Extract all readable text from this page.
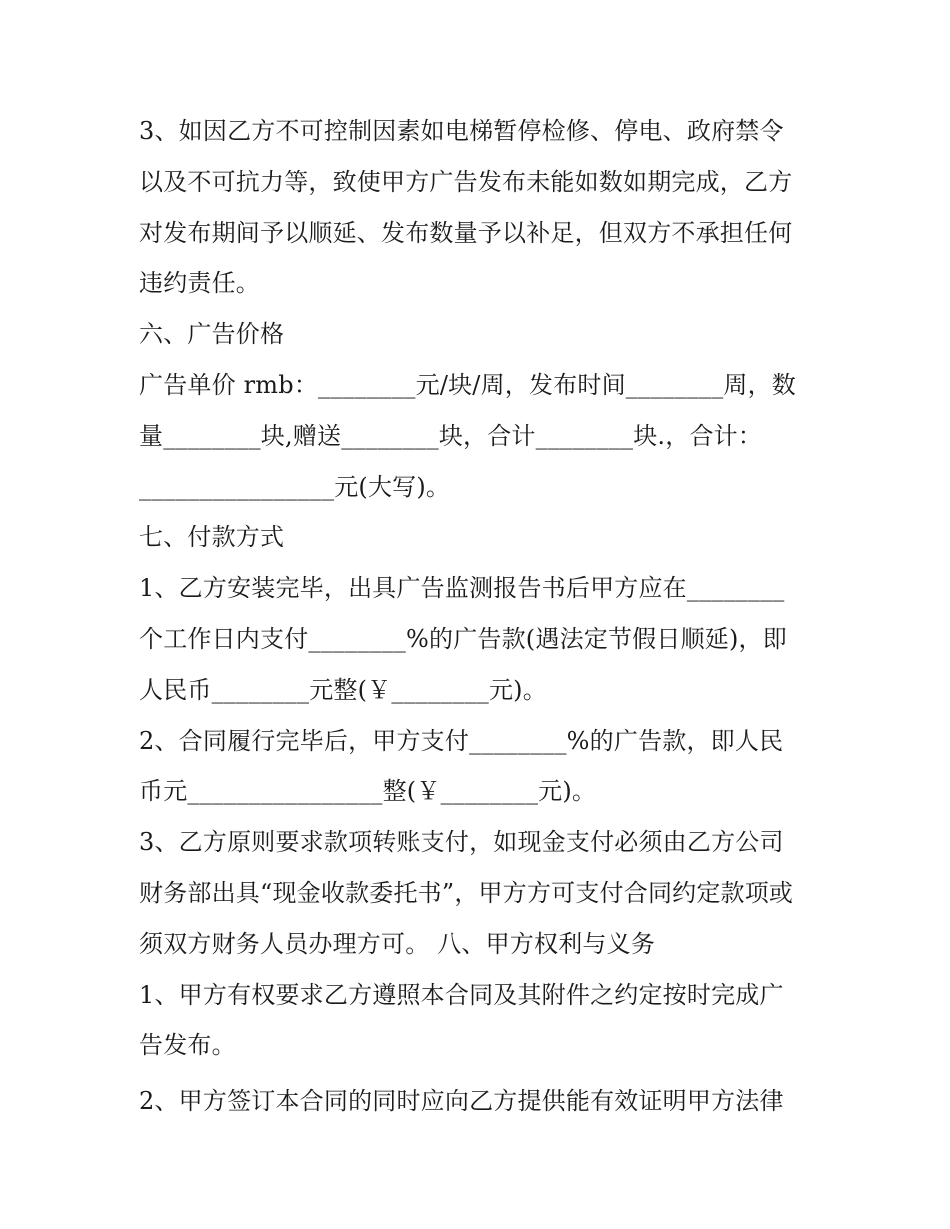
3、如因乙方不可控制因素如电梯暂停检修、停电、政府禁令
以及不可抗力等，致使甲方广告发布未能如数如期完成，乙方
对发布期间予以顺延、发布数量予以补足，但双方不承担任何
违约责任。
六、广告价格
广告单价 rmb：________元/块/周，发布时间________周，数
量________块,赠送________块，合计________块.，合计：
________________元(大写)。
七、付款方式
1、乙方安装完毕，出具广告监测报告书后甲方应在________
个工作日内支付________%的广告款(遇法定节假日顺延)，即
人民币________元整(￥________元)。
2、合同履行完毕后，甲方支付________%的广告款，即人民
币元________________整(￥________元)。
3、乙方原则要求款项转账支付，如现金支付必须由乙方公司
财务部出具“现金收款委托书”，甲方方可支付合同约定款项或
须双方财务人员办理方可。 八、甲方权利与义务
1、甲方有权要求乙方遵照本合同及其附件之约定按时完成广
告发布。
2、甲方签订本合同的同时应向乙方提供能有效证明甲方法律
